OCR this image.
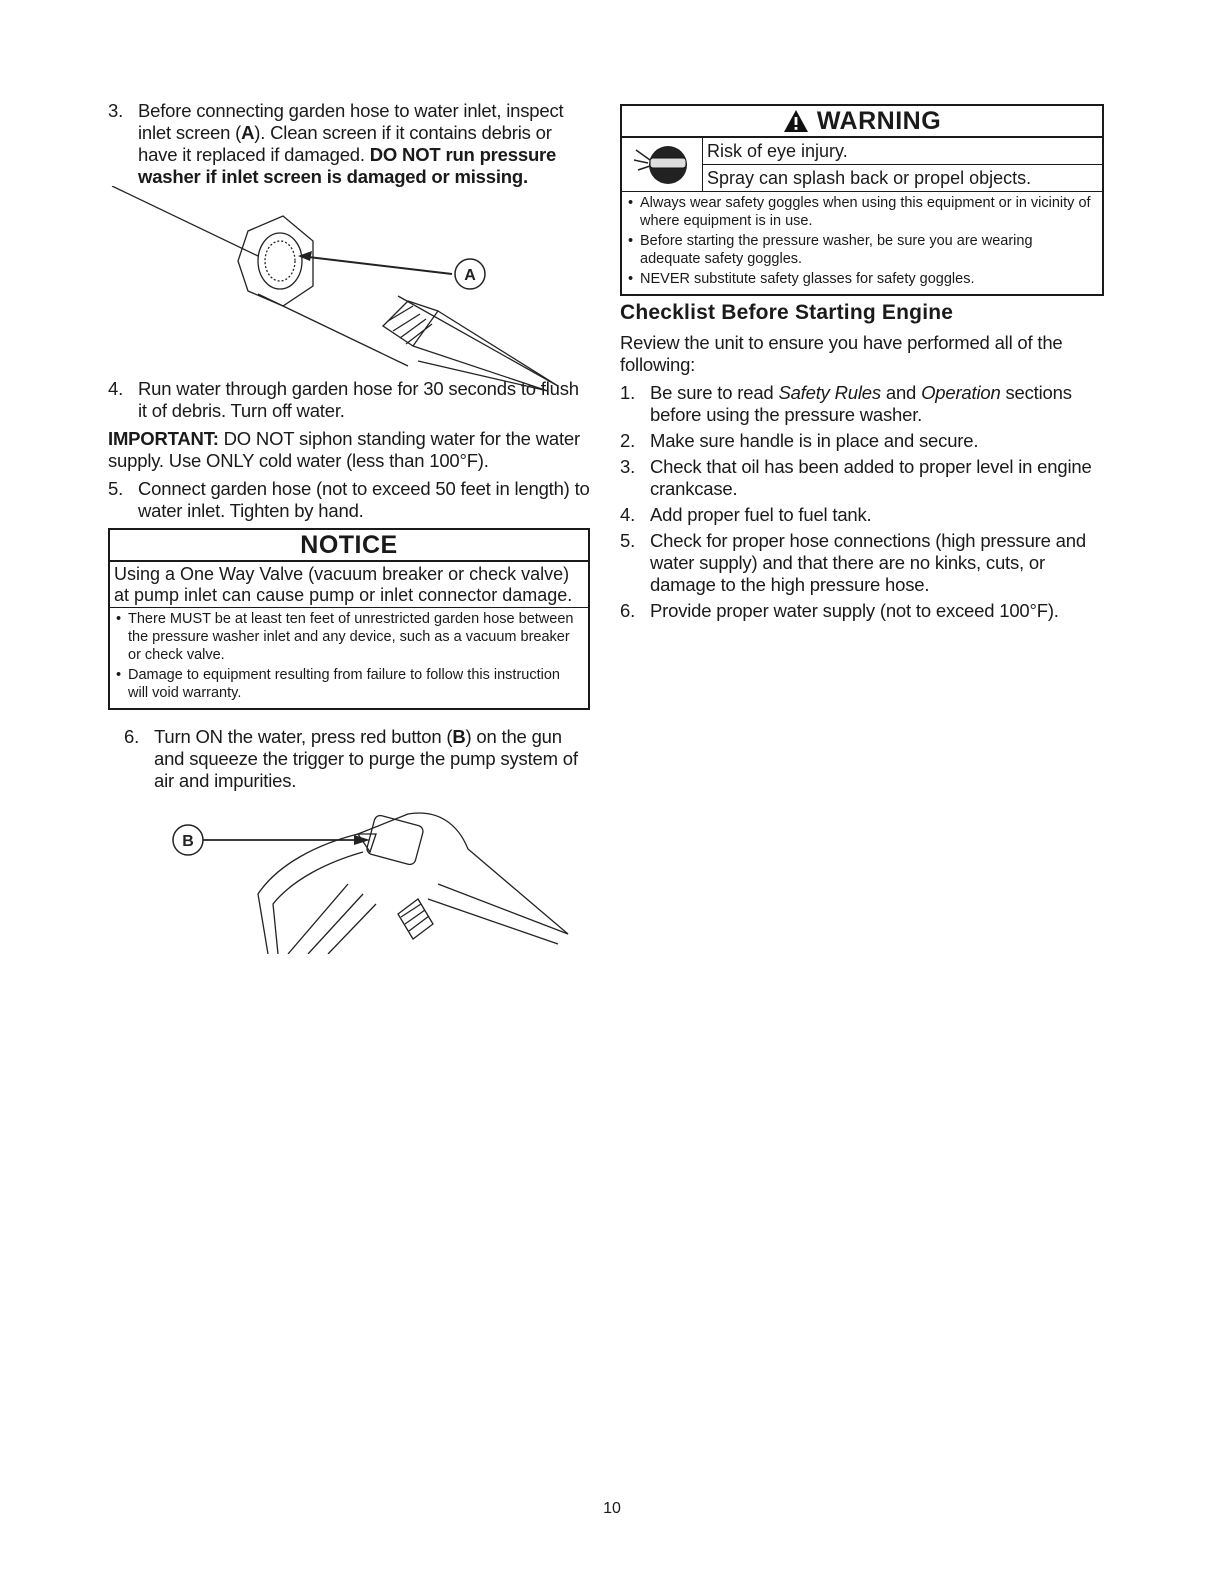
3. Before connecting garden hose to water inlet, inspect inlet screen (A). Clean screen if it contains debris or have it replaced if damaged. DO NOT run pressure washer if inlet screen is damaged or missing.
A
4. Run water through garden hose for 30 seconds to flush it of debris. Turn off water.
IMPORTANT: DO NOT siphon standing water for the water supply. Use ONLY cold water (less than 100°F).
5. Connect garden hose (not to exceed 50 feet in length) to water inlet. Tighten by hand.
NOTICE
Using a One Way Valve (vacuum breaker or check valve) at pump inlet can cause pump or inlet connector damage.
• There MUST be at least ten feet of unrestricted garden hose between the pressure washer inlet and any device, such as a vacuum breaker or check valve.
• Damage to equipment resulting from failure to follow this instruction will void warranty.
6. Turn ON the water, press red button (B) on the gun and squeeze the trigger to purge the pump system of air and impurities.
B
WARNING
Risk of eye injury.
Spray can splash back or propel objects.
• Always wear safety goggles when using this equipment or in vicinity of where equipment is in use.
• Before starting the pressure washer, be sure you are wearing adequate safety goggles.
• NEVER substitute safety glasses for safety goggles.
Checklist Before Starting Engine
Review the unit to ensure you have performed all of the following:
1. Be sure to read Safety Rules and Operation sections before using the pressure washer.
2. Make sure handle is in place and secure.
3. Check that oil has been added to proper level in engine crankcase.
4. Add proper fuel to fuel tank.
5. Check for proper hose connections (high pressure and water supply) and that there are no kinks, cuts, or damage to the high pressure hose.
6. Provide proper water supply (not to exceed 100°F).
10
